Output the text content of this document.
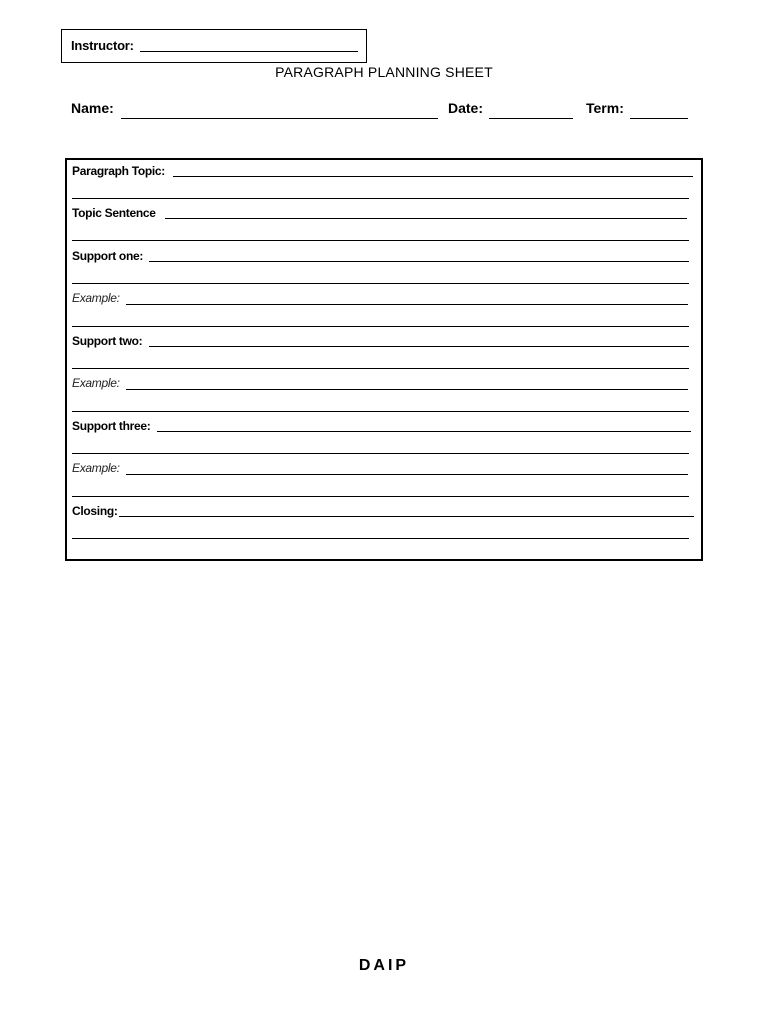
Instructor:
PARAGRAPH PLANNING SHEET
Name:	Date:	Term:
Paragraph Topic:
Topic Sentence
Support one:
Example:
Support two:
Example:
Support three:
Example:
Closing:
DAIP
